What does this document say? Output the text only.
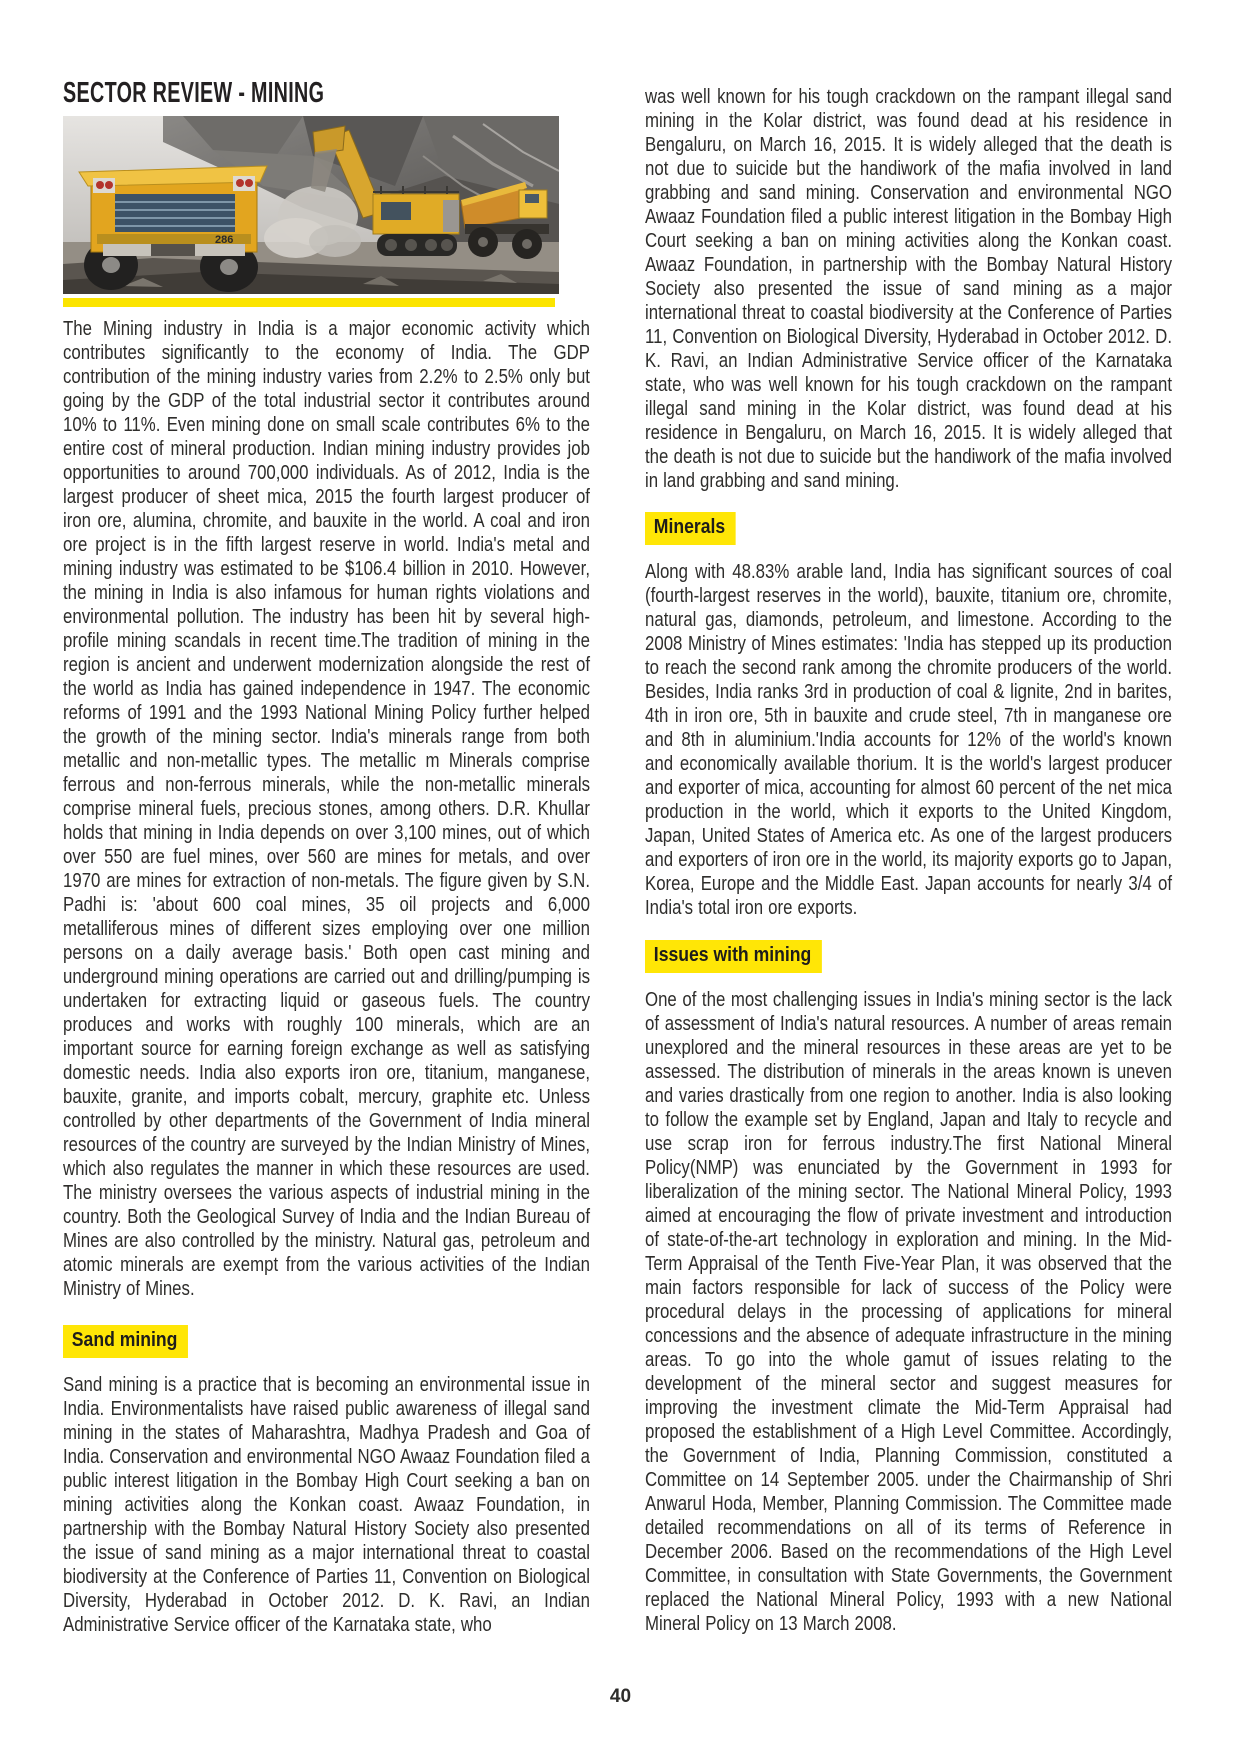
SECTOR REVIEW - MINING
286

The Mining industry in India is a major economic activity which contributes significantly to the economy of India. The GDP contribution of the mining industry varies from 2.2% to 2.5% only but going by the GDP of the total industrial sector it contributes around 10% to 11%. Even mining done on small scale contributes 6% to the entire cost of mineral production. Indian mining industry provides job opportunities to around 700,000 individuals. As of 2012, India is the largest producer of sheet mica, 2015 the fourth largest producer of iron ore, alumina, chromite, and bauxite in the world. A coal and iron ore project is in the fifth largest reserve in world. India's metal and mining industry was estimated to be $106.4 billion in 2010. However, the mining in India is also infamous for human rights violations and environmental pollution. The industry has been hit by several high-profile mining scandals in recent time.The tradition of mining in the region is ancient and underwent modernization alongside the rest of the world as India has gained independence in 1947. The economic reforms of 1991 and the 1993 National Mining Policy further helped the growth of the mining sector. India's minerals range from both metallic and non-metallic types. The metallic m Minerals comprise ferrous and non-ferrous minerals, while the non-metallic minerals comprise mineral fuels, precious stones, among others. D.R. Khullar holds that mining in India depends on over 3,100 mines, out of which over 550 are fuel mines, over 560 are mines for metals, and over 1970 are mines for extraction of non-metals. The figure given by S.N. Padhi is: 'about 600 coal mines, 35 oil projects and 6,000 metalliferous mines of different sizes employing over one million persons on a daily average basis.' Both open cast mining and underground mining operations are carried out and drilling/pumping is undertaken for extracting liquid or gaseous fuels. The country produces and works with roughly 100 minerals, which are an important source for earning foreign exchange as well as satisfying domestic needs. India also exports iron ore, titanium, manganese, bauxite, granite, and imports cobalt, mercury, graphite etc. Unless controlled by other departments of the Government of India mineral resources of the country are surveyed by the Indian Ministry of Mines, which also regulates the manner in which these resources are used. The ministry oversees the various aspects of industrial mining in the country. Both the Geological Survey of India and the Indian Bureau of Mines are also controlled by the ministry. Natural gas, petroleum and atomic minerals are exempt from the various activities of the Indian Ministry of Mines.

Sand mining

Sand mining is a practice that is becoming an environmental issue in India. Environmentalists have raised public awareness of illegal sand mining in the states of Maharashtra, Madhya Pradesh and Goa of India. Conservation and environmental NGO Awaaz Foundation filed a public interest litigation in the Bombay High Court seeking a ban on mining activities along the Konkan coast. Awaaz Foundation, in partnership with the Bombay Natural History Society also presented the issue of sand mining as a major international threat to coastal biodiversity at the Conference of Parties 11, Convention on Biological Diversity, Hyderabad in October 2012. D. K. Ravi, an Indian Administrative Service officer of the Karnataka state, who

was well known for his tough crackdown on the rampant illegal sand mining in the Kolar district, was found dead at his residence in Bengaluru, on March 16, 2015. It is widely alleged that the death is not due to suicide but the handiwork of the mafia involved in land grabbing and sand mining. Conservation and environmental NGO Awaaz Foundation filed a public interest litigation in the Bombay High Court seeking a ban on mining activities along the Konkan coast. Awaaz Foundation, in partnership with the Bombay Natural History Society also presented the issue of sand mining as a major international threat to coastal biodiversity at the Conference of Parties 11, Convention on Biological Diversity, Hyderabad in October 2012. D. K. Ravi, an Indian Administrative Service officer of the Karnataka state, who was well known for his tough crackdown on the rampant illegal sand mining in the Kolar district, was found dead at his residence in Bengaluru, on March 16, 2015. It is widely alleged that the death is not due to suicide but the handiwork of the mafia involved in land grabbing and sand mining.

Minerals

Along with 48.83% arable land, India has significant sources of coal (fourth-largest reserves in the world), bauxite, titanium ore, chromite, natural gas, diamonds, petroleum, and limestone. According to the 2008 Ministry of Mines estimates: 'India has stepped up its production to reach the second rank among the chromite producers of the world. Besides, India ranks 3rd in production of coal & lignite, 2nd in barites, 4th in iron ore, 5th in bauxite and crude steel, 7th in manganese ore and 8th in aluminium.'India accounts for 12% of the world's known and economically available thorium. It is the world's largest producer and exporter of mica, accounting for almost 60 percent of the net mica production in the world, which it exports to the United Kingdom, Japan, United States of America etc. As one of the largest producers and exporters of iron ore in the world, its majority exports go to Japan, Korea, Europe and the Middle East. Japan accounts for nearly 3/4 of India's total iron ore exports.

Issues with mining

One of the most challenging issues in India's mining sector is the lack of assessment of India's natural resources. A number of areas remain unexplored and the mineral resources in these areas are yet to be assessed. The distribution of minerals in the areas known is uneven and varies drastically from one region to another. India is also looking to follow the example set by England, Japan and Italy to recycle and use scrap iron for ferrous industry.The first National Mineral Policy(NMP) was enunciated by the Government in 1993 for liberalization of the mining sector. The National Mineral Policy, 1993 aimed at encouraging the flow of private investment and introduction of state-of-the-art technology in exploration and mining. In the Mid-Term Appraisal of the Tenth Five-Year Plan, it was observed that the main factors responsible for lack of success of the Policy were procedural delays in the processing of applications for mineral concessions and the absence of adequate infrastructure in the mining areas. To go into the whole gamut of issues relating to the development of the mineral sector and suggest measures for improving the investment climate the Mid-Term Appraisal had proposed the establishment of a High Level Committee. Accordingly, the Government of India, Planning Commission, constituted a Committee on 14 September 2005. under the Chairmanship of Shri Anwarul Hoda, Member, Planning Commission. The Committee made detailed recommendations on all of its terms of Reference in December 2006. Based on the recommendations of the High Level Committee, in consultation with State Governments, the Government replaced the National Mineral Policy, 1993 with a new National Mineral Policy on 13 March 2008.

40
